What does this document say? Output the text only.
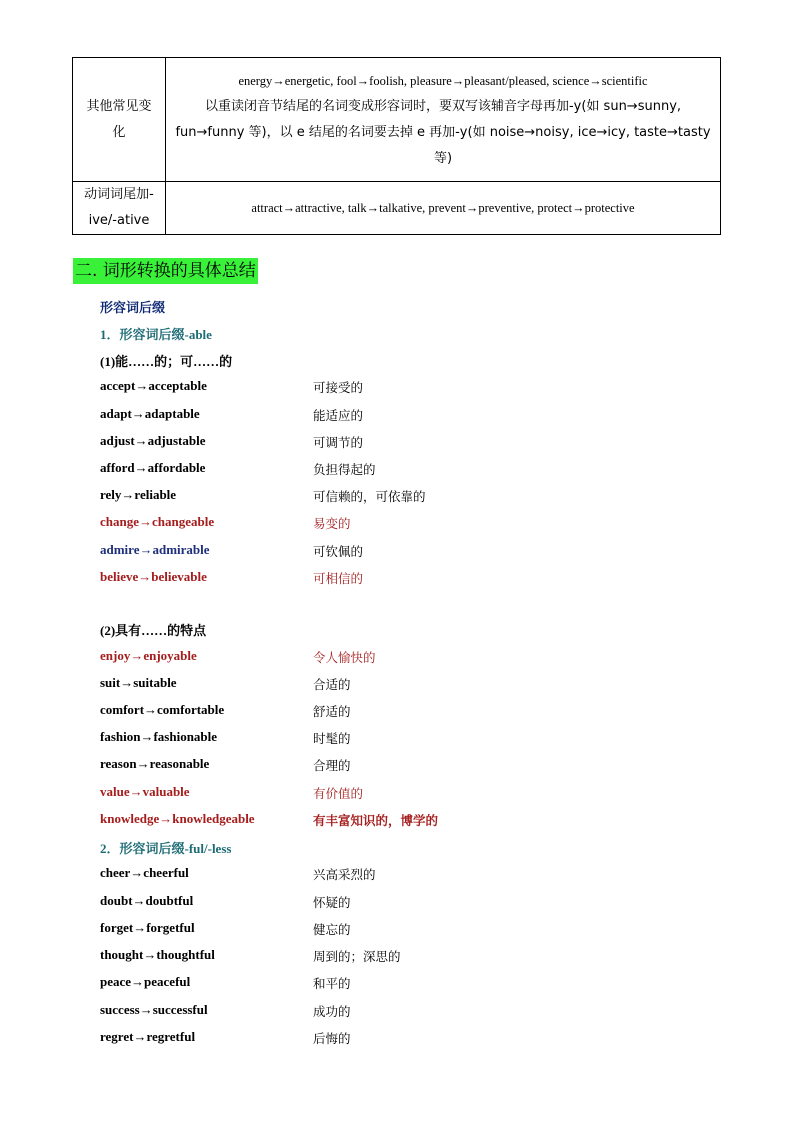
其他常见变化	energy→energetic, fool→foolish, pleasure→pleasant/pleased, science→scientific
以重读闭音节结尾的名词变成形容词时，要双写该辅音字母再加-y(如 sun→sunny,
fun→funny 等)，以 e 结尾的名词要去掉 e 再加-y(如 noise→noisy, ice→icy, taste→tasty 等)

动词词尾加-ive/-ative	attract→attractive, talk→talkative, prevent→preventive, protect→protective
二. 词形转换的具体总结
形容词后缀
1．形容词后缀-able
(1)能……的；可……的
accept→acceptable	可接受的
adapt→adaptable	能适应的
adjust→adjustable	可调节的
afford→affordable	负担得起的
rely→reliable	可信赖的，可依靠的
change→changeable	易变的
admire→admirable	可钦佩的
believe→believable	可相信的
(2)具有……的特点
enjoy→enjoyable	令人愉快的
suit→suitable	合适的
comfort→comfortable	舒适的
fashion→fashionable	时髦的
reason→reasonable	合理的
value→valuable	有价值的
knowledge→knowledgeable	有丰富知识的，博学的
2．形容词后缀-ful/-less
cheer→cheerful	兴高采烈的
doubt→doubtful	怀疑的
forget→forgetful	健忘的
thought→thoughtful	周到的；深思的
peace→peaceful	和平的
success→successful	成功的
regret→regretful	后悔的
